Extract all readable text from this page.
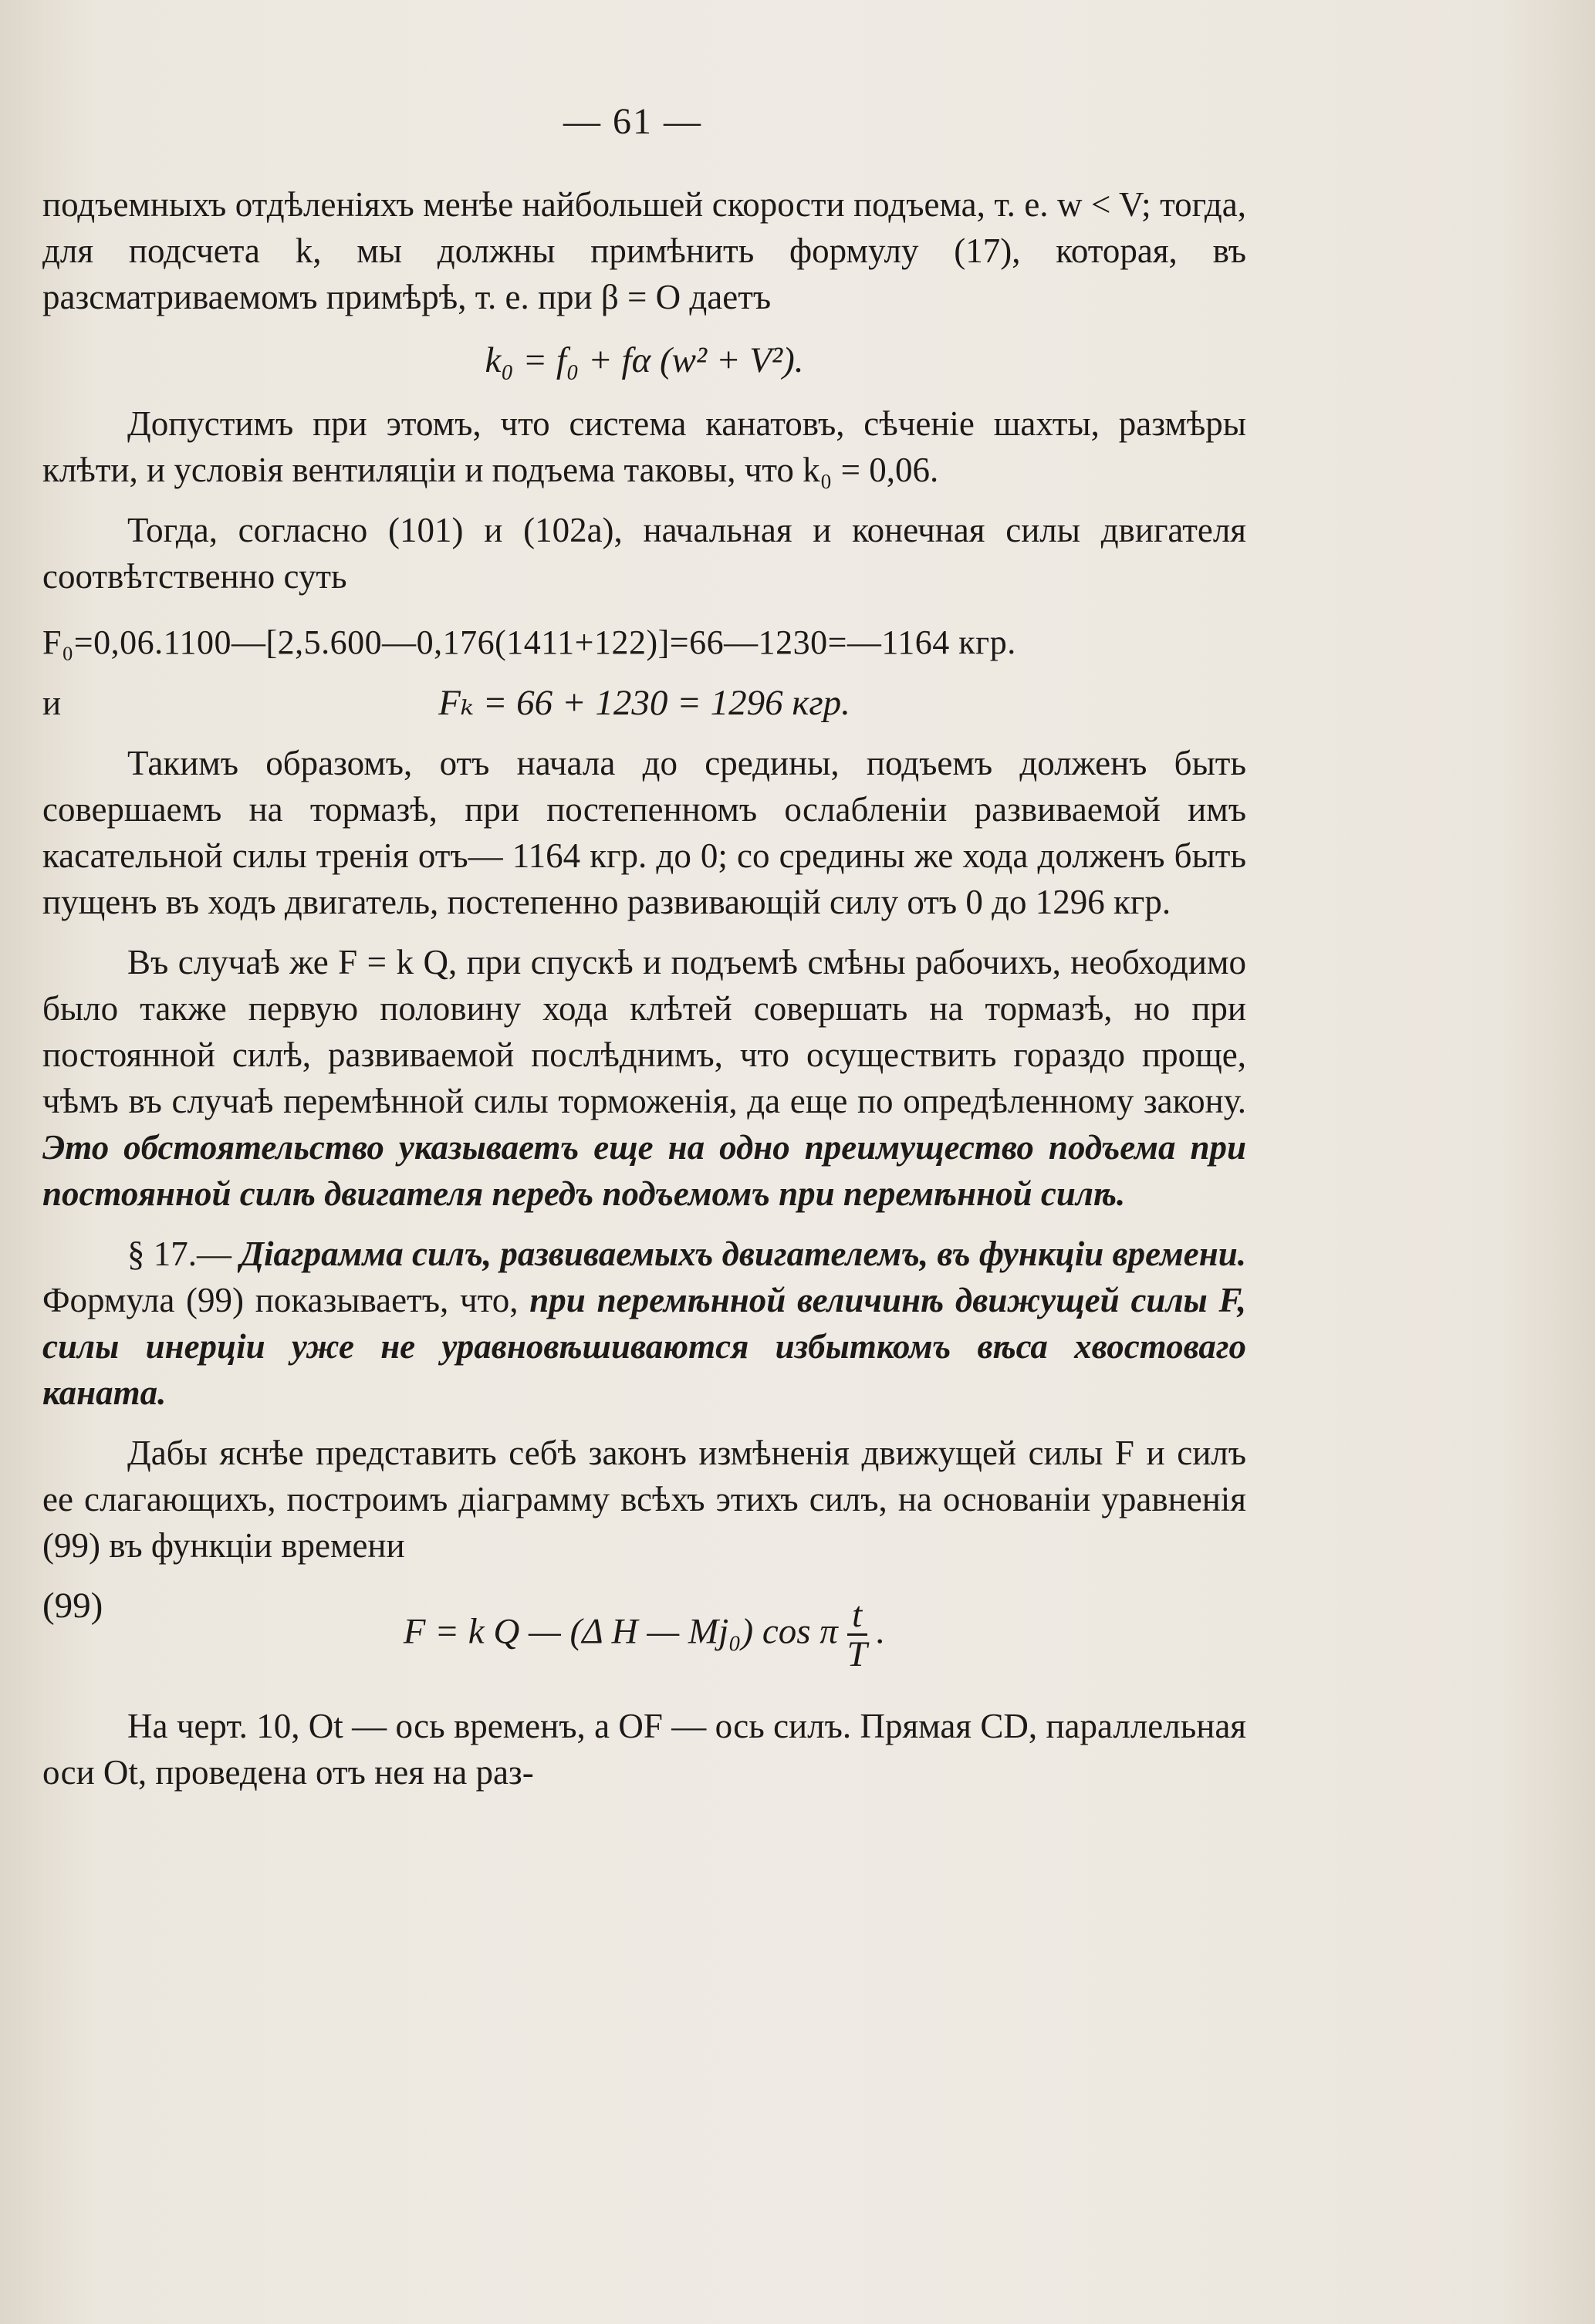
— 61 —

подъемныхъ отдѣленіяхъ менѣе найбольшей скорости подъема, т. е. w < V; тогда, для подсчета k, мы должны примѣнить формулу (17), которая, въ разсматриваемомъ примѣрѣ, т. е. при β = O даетъ

k₀ = f₀ + fα (w² + V²).

Допустимъ при этомъ, что система канатовъ, сѣченіе шахты, размѣры клѣти, и условія вентиляціи и подъема таковы, что k₀ = 0,06.

Тогда, согласно (101) и (102а), начальная и конечная силы двигателя соотвѣтственно суть

F₀=0,06.1100—[2,5.600—0,176(1411+122)]=66—1230=—1164 кгр.
и	Fₖ = 66 + 1230 = 1296 кгр.

Такимъ образомъ, отъ начала до средины, подъемъ долженъ быть совершаемъ на тормазѣ, при постепенномъ ослабленіи развиваемой имъ касательной силы тренія отъ— 1164 кгр. до 0; со средины же хода долженъ быть пущенъ въ ходъ двигатель, постепенно развивающій силу отъ 0 до 1296 кгр.

Въ случаѣ же F = k Q, при спускѣ и подъемѣ смѣны рабочихъ, необходимо было также первую половину хода клѣтей совершать на тормазѣ, но при постоянной силѣ, развиваемой послѣднимъ, что осуществить гораздо проще, чѣмъ въ случаѣ перемѣнной силы торможенія, да еще по опредѣленному закону. Это обстоятельство указываетъ еще на одно преимущество подъема при постоянной силѣ двигателя передъ подъемомъ при перемѣнной силѣ.

§ 17.— Діаграмма силъ, развиваемыхъ двигателемъ, въ функціи времени. Формула (99) показываетъ, что, при перемѣнной величинѣ движущей силы F, силы инерціи уже не уравновѣшиваются избыткомъ вѣса хвостоваго каната.

Дабы яснѣе представить себѣ законъ измѣненія движущей силы F и силъ ее слагающихъ, построимъ діаграмму всѣхъ этихъ силъ, на основаніи уравненія (99) въ функціи времени

(99)
F = k Q — (Δ H — Mj₀) cos π $\frac{t}{T}$ .

На черт. 10, Ot — ось временъ, а OF — ось силъ. Прямая CD, параллельная оси Ot, проведена отъ нея на раз-
